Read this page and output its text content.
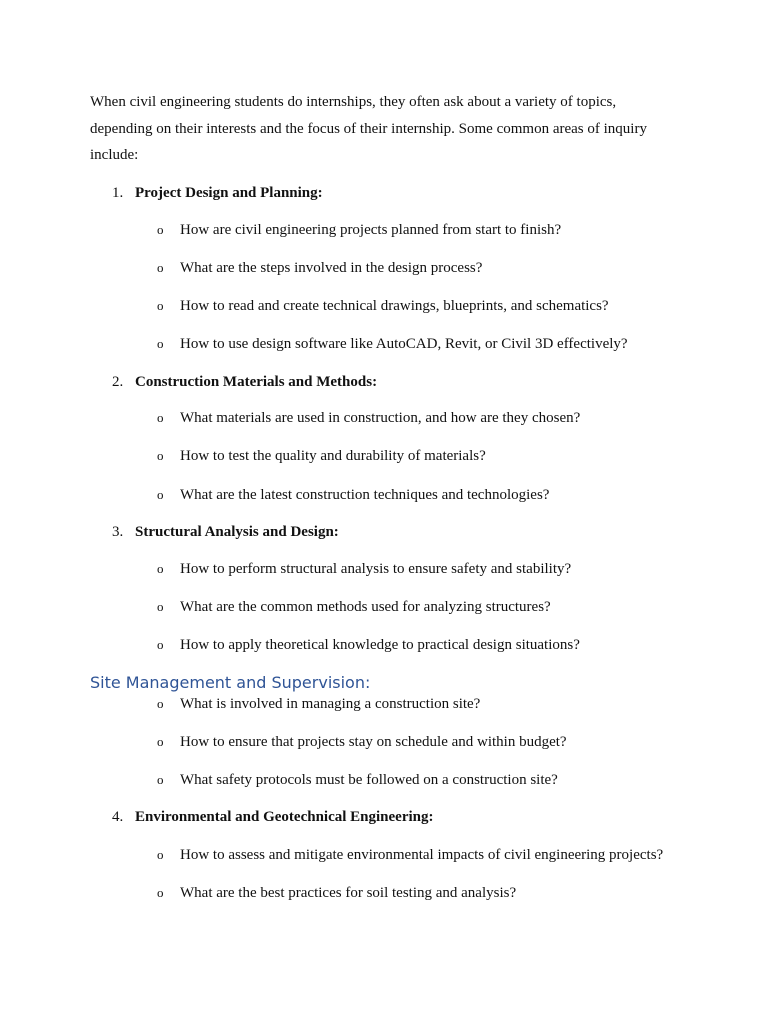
When civil engineering students do internships, they often ask about a variety of topics, depending on their interests and the focus of their internship. Some common areas of inquiry include:

1. Project Design and Planning:
o How are civil engineering projects planned from start to finish?
o What are the steps involved in the design process?
o How to read and create technical drawings, blueprints, and schematics?
o How to use design software like AutoCAD, Revit, or Civil 3D effectively?
2. Construction Materials and Methods:
o What materials are used in construction, and how are they chosen?
o How to test the quality and durability of materials?
o What are the latest construction techniques and technologies?
3. Structural Analysis and Design:
o How to perform structural analysis to ensure safety and stability?
o What are the common methods used for analyzing structures?
o How to apply theoretical knowledge to practical design situations?
Site Management and Supervision:
o What is involved in managing a construction site?
o How to ensure that projects stay on schedule and within budget?
o What safety protocols must be followed on a construction site?
4. Environmental and Geotechnical Engineering:
o How to assess and mitigate environmental impacts of civil engineering projects?
o What are the best practices for soil testing and analysis?
